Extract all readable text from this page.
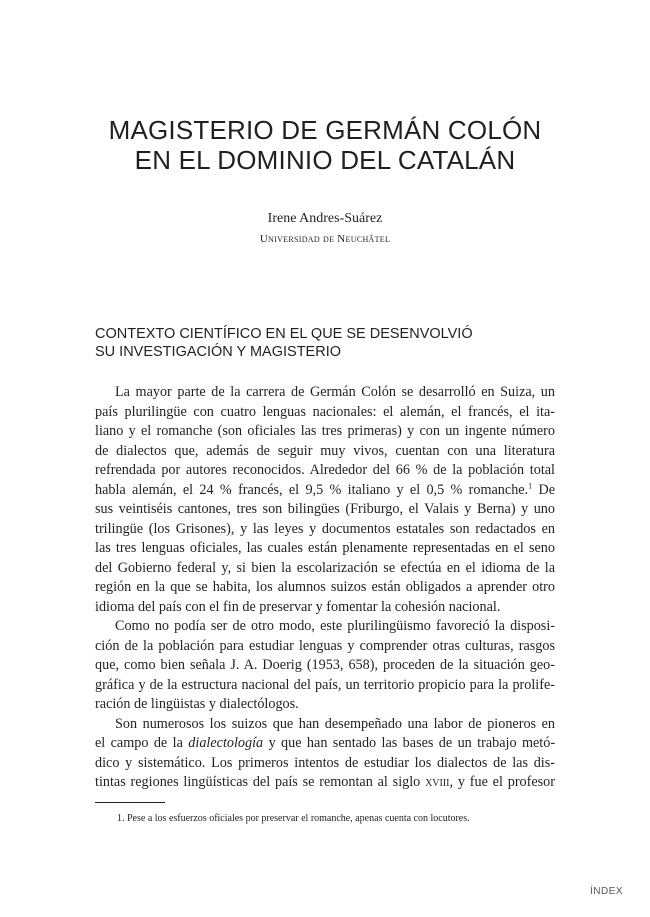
MAGISTERIO DE GERMÁN COLÓN
EN EL DOMINIO DEL CATALÁN
Irene Andres-Suárez
Universidad de Neuchâtel
CONTEXTO CIENTÍFICO EN EL QUE SE DESENVOLVIÓ
SU INVESTIGACIÓN Y MAGISTERIO
La mayor parte de la carrera de Germán Colón se desarrolló en Suiza, un
país plurilingüe con cuatro lenguas nacionales: el alemán, el francés, el ita-
liano y el romanche (son oficiales las tres primeras) y con un ingente número
de dialectos que, además de seguir muy vivos, cuentan con una literatura
refrendada por autores reconocidos. Alrededor del 66 % de la población total
habla alemán, el 24 % francés, el 9,5 % italiano y el 0,5 % romanche.$^1$ De
sus veintiséis cantones, tres son bilingües (Friburgo, el Valais y Berna) y uno
trilingüe (los Grisones), y las leyes y documentos estatales son redactados en
las tres lenguas oficiales, las cuales están plenamente representadas en el seno
del Gobierno federal y, si bien la escolarización se efectúa en el idioma de la
región en la que se habita, los alumnos suizos están obligados a aprender otro
idioma del país con el fin de preservar y fomentar la cohesión nacional.
Como no podía ser de otro modo, este plurilingüismo favoreció la disposi-
ción de la población para estudiar lenguas y comprender otras culturas, rasgos
que, como bien señala J. A. Doerig (1953, 658), proceden de la situación geo-
gráfica y de la estructura nacional del país, un territorio propicio para la prolife-
ración de lingüistas y dialectólogos.
Son numerosos los suizos que han desempeñado una labor de pioneros en
el campo de la dialectología y que han sentado las bases de un trabajo metó-
dico y sistemático. Los primeros intentos de estudiar los dialectos de las dis-
tintas regiones lingüísticas del país se remontan al siglo xviii, y fue el profesor
1. Pese a los esfuerzos oficiales por preservar el romanche, apenas cuenta con locutores.
ÍNDEX
